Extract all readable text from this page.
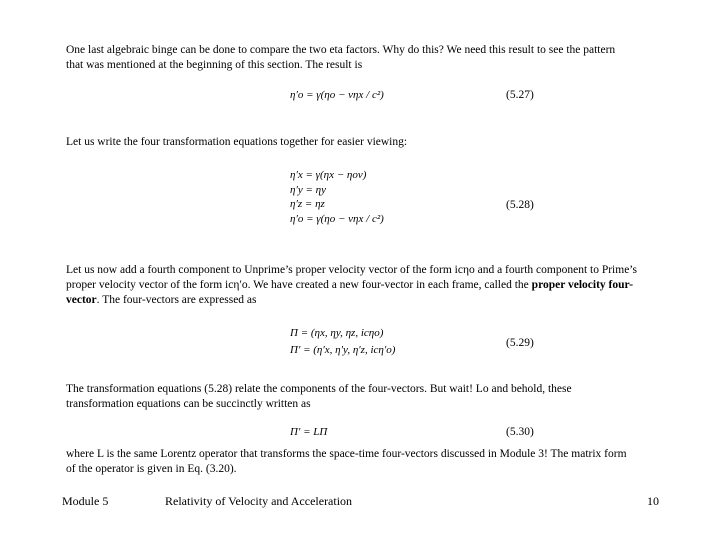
One last algebraic binge can be done to compare the two eta factors. Why do this? We need this result to see the pattern
that was mentioned at the beginning of this section. The result is
η′o = γ(ηo − vηx / c²)	(5.27)
Let us write the four transformation equations together for easier viewing:
η′x = γ(ηx − ηov)
η′y = ηy
η′z = ηz
η′o = γ(ηo − vηx / c²)
(5.28)
Let us now add a fourth component to Unprime’s proper velocity vector of the form icηo and a fourth component to Prime’s
proper velocity vector of the form icη′o. We have created a new four-vector in each frame, called the proper velocity four-
vector. The four-vectors are expressed as
Π = (ηx, ηy, ηz, icηo)
Π′ = (η′x, η′y, η′z, icη′o)
(5.29)
The transformation equations (5.28) relate the components of the four-vectors. But wait! Lo and behold, these
transformation equations can be succinctly written as
Π′ = LΠ	(5.30)
where L is the same Lorentz operator that transforms the space-time four-vectors discussed in Module 3! The matrix form
of the operator is given in Eq. (3.20).
Module 5	Relativity of Velocity and Acceleration	10
